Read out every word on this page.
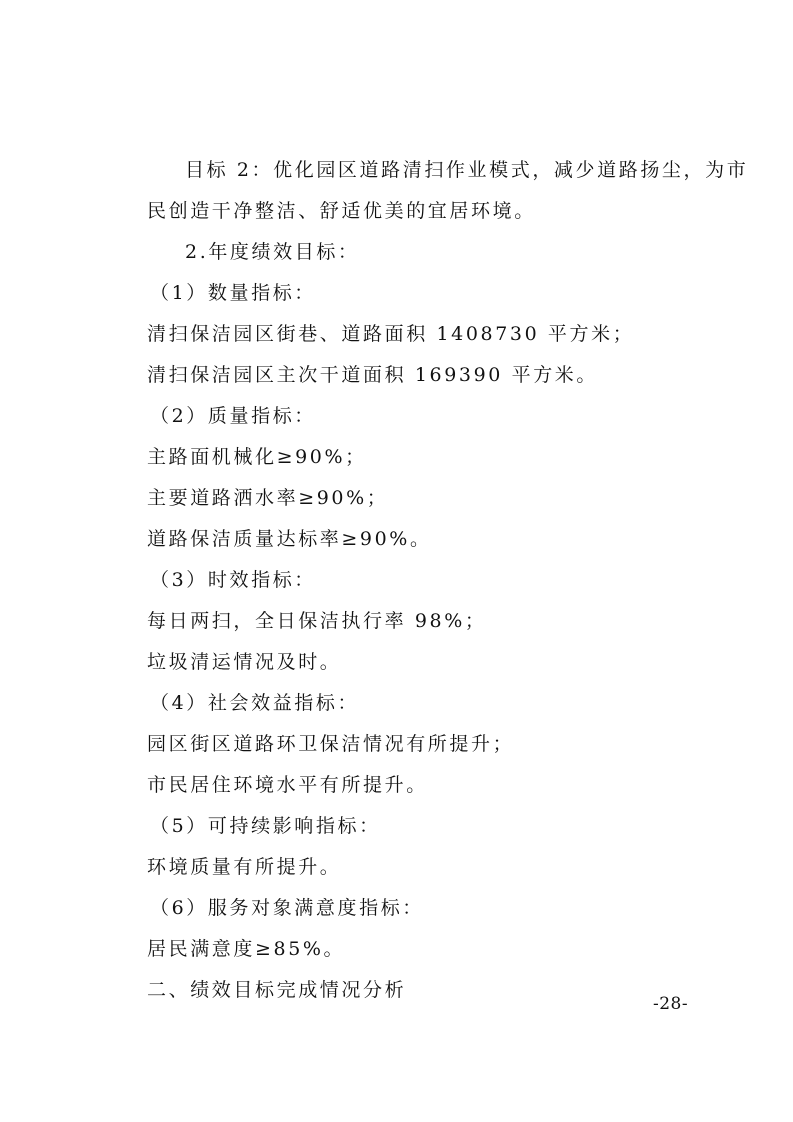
目标 2：优化园区道路清扫作业模式，减少道路扬尘，为市
民创造干净整洁、舒适优美的宜居环境。
2.年度绩效目标：
（1）数量指标：
清扫保洁园区街巷、道路面积 1408730 平方米；
清扫保洁园区主次干道面积 169390 平方米。
（2）质量指标：
主路面机械化≥90%；
主要道路洒水率≥90%；
道路保洁质量达标率≥90%。
（3）时效指标：
每日两扫，全日保洁执行率 98%；
垃圾清运情况及时。
（4）社会效益指标：
园区街区道路环卫保洁情况有所提升；
市民居住环境水平有所提升。
（5）可持续影响指标：
环境质量有所提升。
（6）服务对象满意度指标：
居民满意度≥85%。
二、绩效目标完成情况分析
-28-
